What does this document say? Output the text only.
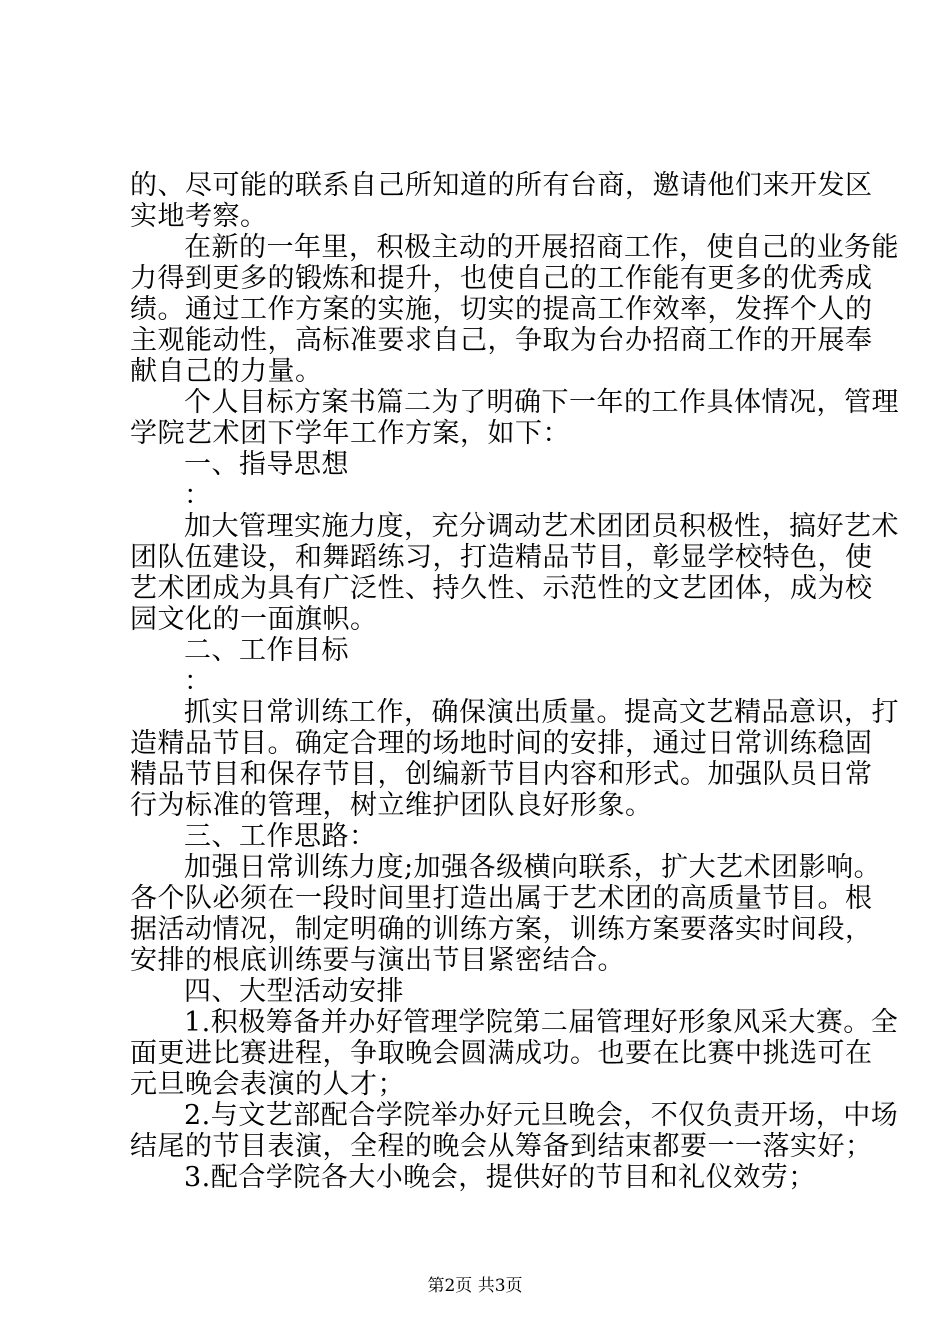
的、尽可能的联系自己所知道的所有台商，邀请他们来开发区
实地考察。
在新的一年里，积极主动的开展招商工作，使自己的业务能
力得到更多的锻炼和提升，也使自己的工作能有更多的优秀成
绩。通过工作方案的实施，切实的提高工作效率，发挥个人的
主观能动性，高标准要求自己，争取为台办招商工作的开展奉
献自己的力量。
个人目标方案书篇二为了明确下一年的工作具体情况，管理
学院艺术团下学年工作方案，如下：
一、指导思想
：
加大管理实施力度，充分调动艺术团团员积极性，搞好艺术
团队伍建设，和舞蹈练习，打造精品节目，彰显学校特色，使
艺术团成为具有广泛性、持久性、示范性的文艺团体，成为校
园文化的一面旗帜。
二、工作目标
：
抓实日常训练工作，确保演出质量。提高文艺精品意识，打
造精品节目。确定合理的场地时间的安排，通过日常训练稳固
精品节目和保存节目，创编新节目内容和形式。加强队员日常
行为标准的管理，树立维护团队良好形象。
三、工作思路：
加强日常训练力度;加强各级横向联系，扩大艺术团影响。
各个队必须在一段时间里打造出属于艺术团的高质量节目。根
据活动情况，制定明确的训练方案，训练方案要落实时间段，
安排的根底训练要与演出节目紧密结合。
四、大型活动安排
1.积极筹备并办好管理学院第二届管理好形象风采大赛。全
面更进比赛进程，争取晚会圆满成功。也要在比赛中挑选可在
元旦晚会表演的人才；
2.与文艺部配合学院举办好元旦晚会，不仅负责开场，中场
结尾的节目表演，全程的晚会从筹备到结束都要一一落实好；
3.配合学院各大小晚会，提供好的节目和礼仪效劳；
第2页 共3页
